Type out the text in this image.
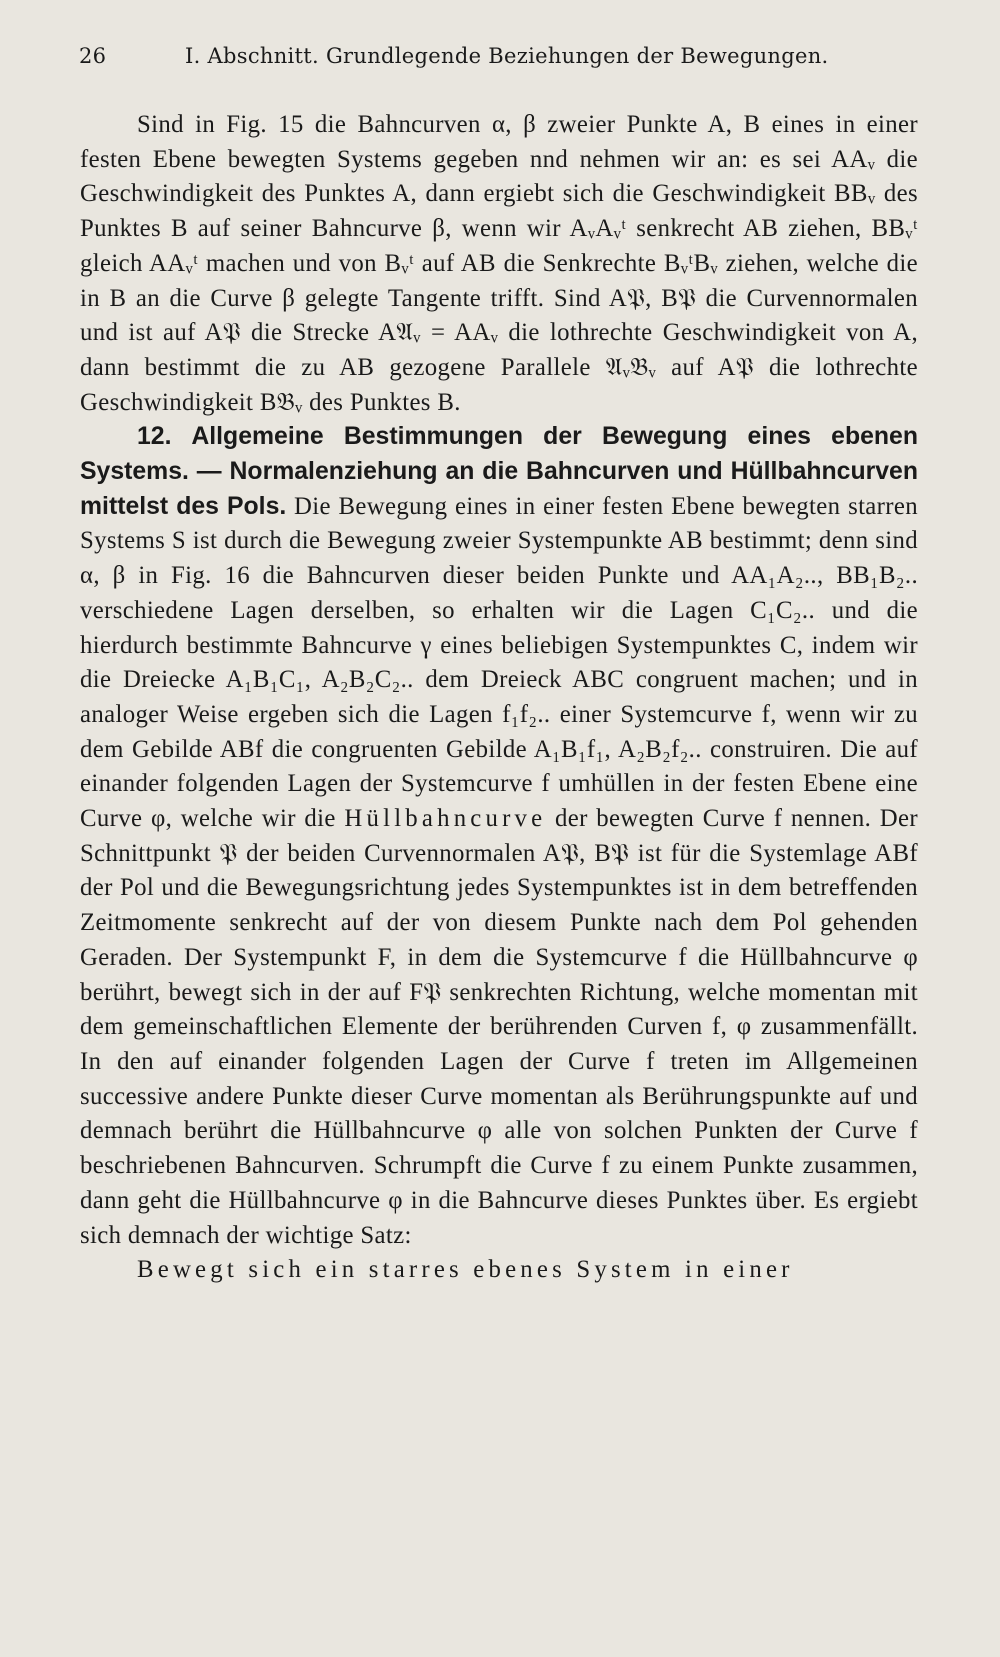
26	I. Abschnitt. Grundlegende Beziehungen der Bewegungen.

Sind in Fig. 15 die Bahncurven α, β zweier Punkte A, B eines in einer festen Ebene bewegten Systems gegeben nnd nehmen wir an: es sei AAᵥ die Geschwindigkeit des Punktes A, dann ergiebt sich die Geschwindigkeit BBᵥ des Punktes B auf seiner Bahncurve β, wenn wir AᵥAᵥᵗ senkrecht AB ziehen, BBᵥᵗ gleich AAᵥᵗ machen und von Bᵥᵗ auf AB die Senkrechte BᵥᵗBᵥ ziehen, welche die in B an die Curve β gelegte Tangente trifft. Sind A𝔓, B𝔓 die Curvennormalen und ist auf A𝔓 die Strecke A𝔄ᵥ = AAᵥ die lothrechte Geschwindigkeit von A, dann bestimmt die zu AB gezogene Parallele 𝔄ᵥ𝔅ᵥ auf A𝔓 die lothrechte Geschwindigkeit B𝔅ᵥ des Punktes B.

12. Allgemeine Bestimmungen der Bewegung eines ebenen Systems. — Normalenziehung an die Bahncurven und Hüllbahncurven mittelst des Pols. Die Bewegung eines in einer festen Ebene bewegten starren Systems S ist durch die Bewegung zweier Systempunkte AB bestimmt; denn sind α, β in Fig. 16 die Bahncurven dieser beiden Punkte und AA₁A₂.., BB₁B₂.. verschiedene Lagen derselben, so erhalten wir die Lagen C₁C₂.. und die hierdurch bestimmte Bahncurve γ eines beliebigen Systempunktes C, indem wir die Dreiecke A₁B₁C₁, A₂B₂C₂.. dem Dreieck ABC congruent machen; und in analoger Weise ergeben sich die Lagen f₁f₂.. einer Systemcurve f, wenn wir zu dem Gebilde ABf die congruenten Gebilde A₁B₁f₁, A₂B₂f₂.. construiren. Die auf einander folgenden Lagen der Systemcurve f umhüllen in der festen Ebene eine Curve φ, welche wir die Hüllbahncurve der bewegten Curve f nennen. Der Schnittpunkt 𝔓 der beiden Curvennormalen A𝔓, B𝔓 ist für die Systemlage ABf der Pol und die Bewegungsrichtung jedes Systempunktes ist in dem betreffenden Zeitmomente senkrecht auf der von diesem Punkte nach dem Pol gehenden Geraden. Der Systempunkt F, in dem die Systemcurve f die Hüllbahncurve φ berührt, bewegt sich in der auf F𝔓 senkrechten Richtung, welche momentan mit dem gemeinschaftlichen Elemente der berührenden Curven f, φ zusammenfällt. In den auf einander folgenden Lagen der Curve f treten im Allgemeinen successive andere Punkte dieser Curve momentan als Berührungspunkte auf und demnach berührt die Hüllbahncurve φ alle von solchen Punkten der Curve f beschriebenen Bahncurven. Schrumpft die Curve f zu einem Punkte zusammen, dann geht die Hüllbahncurve φ in die Bahncurve dieses Punktes über. Es ergiebt sich demnach der wichtige Satz:

Bewegt sich ein starres ebenes System in einer
